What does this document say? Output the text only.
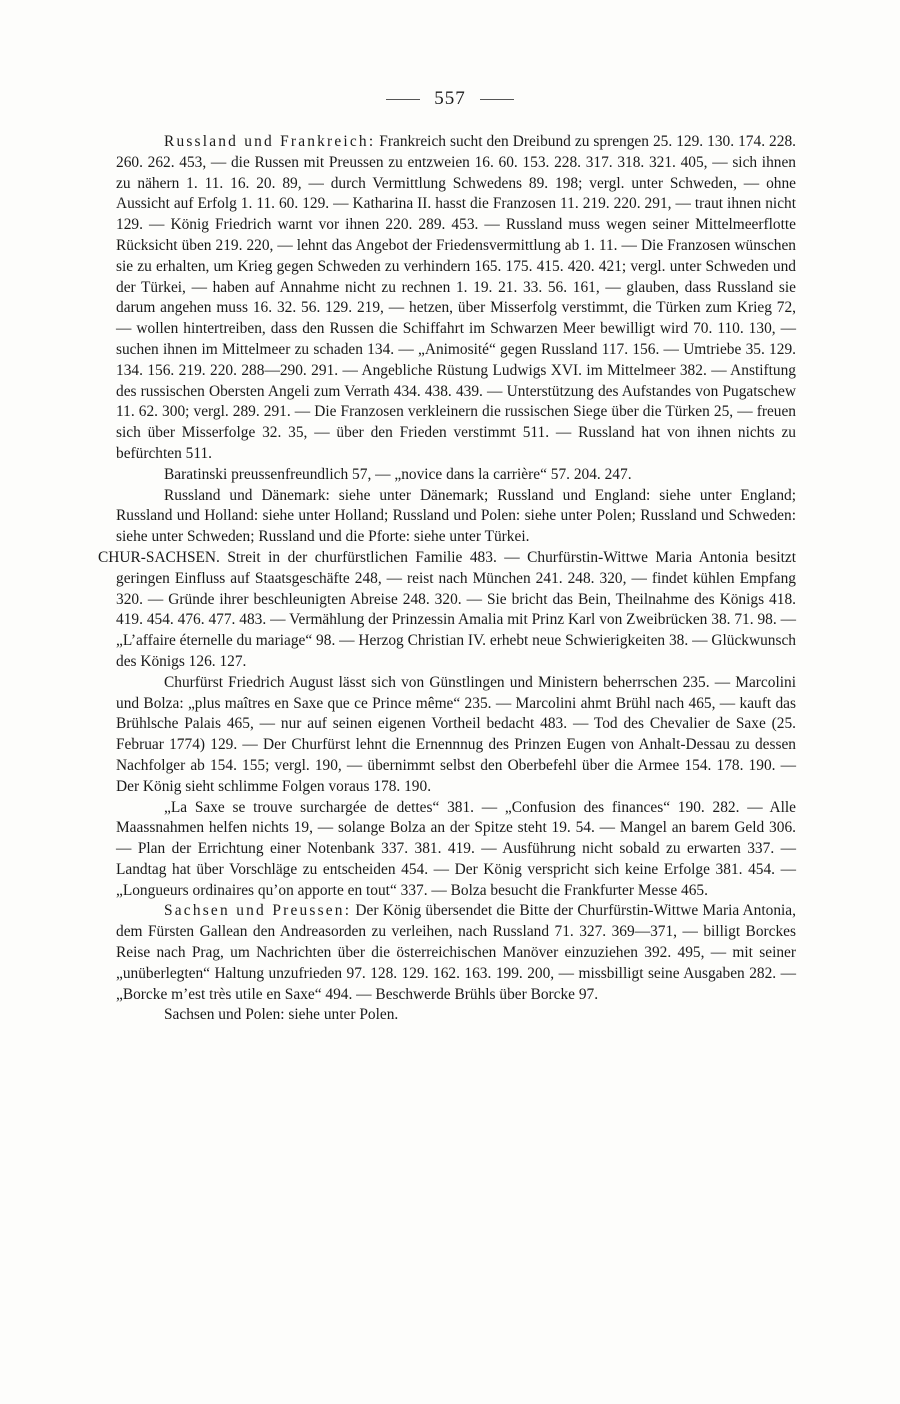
557

Russland und Frankreich: Frankreich sucht den Dreibund zu sprengen 25. 129. 130. 174. 228. 260. 262. 453, — die Russen mit Preussen zu entzweien 16. 60. 153. 228. 317. 318. 321. 405, — sich ihnen zu nähern 1. 11. 16. 20. 89, — durch Vermittlung Schwedens 89. 198; vergl. unter Schweden, — ohne Aussicht auf Erfolg 1. 11. 60. 129. — Katharina II. hasst die Franzosen 11. 219. 220. 291, — traut ihnen nicht 129. — König Friedrich warnt vor ihnen 220. 289. 453. — Russland muss wegen seiner Mittelmeerflotte Rücksicht üben 219. 220, — lehnt das Angebot der Friedensvermittlung ab 1. 11. — Die Franzosen wünschen sie zu erhalten, um Krieg gegen Schweden zu verhindern 165. 175. 415. 420. 421; vergl. unter Schweden und der Türkei, — haben auf Annahme nicht zu rechnen 1. 19. 21. 33. 56. 161, — glauben, dass Russland sie darum angehen muss 16. 32. 56. 129. 219, — hetzen, über Misserfolg verstimmt, die Türken zum Krieg 72, — wollen hintertreiben, dass den Russen die Schiffahrt im Schwarzen Meer bewilligt wird 70. 110. 130, — suchen ihnen im Mittelmeer zu schaden 134. — „Animosité“ gegen Russland 117. 156. — Umtriebe 35. 129. 134. 156. 219. 220. 288—290. 291. — Angebliche Rüstung Ludwigs XVI. im Mittelmeer 382. — Anstiftung des russischen Obersten Angeli zum Verrath 434. 438. 439. — Unterstützung des Aufstandes von Pugatschew 11. 62. 300; vergl. 289. 291. — Die Franzosen verkleinern die russischen Siege über die Türken 25, — freuen sich über Misserfolge 32. 35, — über den Frieden verstimmt 511. — Russland hat von ihnen nichts zu befürchten 511.

Baratinski preussenfreundlich 57, — „novice dans la carrière“ 57. 204. 247.

Russland und Dänemark: siehe unter Dänemark; Russland und England: siehe unter England; Russland und Holland: siehe unter Holland; Russland und Polen: siehe unter Polen; Russland und Schweden: siehe unter Schweden; Russland und die Pforte: siehe unter Türkei.

CHUR-SACHSEN. Streit in der churfürstlichen Familie 483. — Churfürstin-Wittwe Maria Antonia besitzt geringen Einfluss auf Staatsgeschäfte 248, — reist nach München 241. 248. 320, — findet kühlen Empfang 320. — Gründe ihrer beschleunigten Abreise 248. 320. — Sie bricht das Bein, Theilnahme des Königs 418. 419. 454. 476. 477. 483. — Vermählung der Prinzessin Amalia mit Prinz Karl von Zweibrücken 38. 71. 98. — „L’affaire éternelle du mariage“ 98. — Herzog Christian IV. erhebt neue Schwierigkeiten 38. — Glückwunsch des Königs 126. 127.

Churfürst Friedrich August lässt sich von Günstlingen und Ministern beherrschen 235. — Marcolini und Bolza: „plus maîtres en Saxe que ce Prince même“ 235. — Marcolini ahmt Brühl nach 465, — kauft das Brühlsche Palais 465, — nur auf seinen eigenen Vortheil bedacht 483. — Tod des Chevalier de Saxe (25. Februar 1774) 129. — Der Churfürst lehnt die Ernennnug des Prinzen Eugen von Anhalt-Dessau zu dessen Nachfolger ab 154. 155; vergl. 190, — übernimmt selbst den Oberbefehl über die Armee 154. 178. 190. — Der König sieht schlimme Folgen voraus 178. 190.

„La Saxe se trouve surchargée de dettes“ 381. — „Confusion des finances“ 190. 282. — Alle Maassnahmen helfen nichts 19, — solange Bolza an der Spitze steht 19. 54. — Mangel an barem Geld 306. — Plan der Errichtung einer Notenbank 337. 381. 419. — Ausführung nicht sobald zu erwarten 337. — Landtag hat über Vorschläge zu entscheiden 454. — Der König verspricht sich keine Erfolge 381. 454. — „Longueurs ordinaires qu’on apporte en tout“ 337. — Bolza besucht die Frankfurter Messe 465.

Sachsen und Preussen: Der König übersendet die Bitte der Churfürstin-Wittwe Maria Antonia, dem Fürsten Gallean den Andreasorden zu verleihen, nach Russland 71. 327. 369—371, — billigt Borckes Reise nach Prag, um Nachrichten über die österreichischen Manöver einzuziehen 392. 495, — mit seiner „unüberlegten“ Haltung unzufrieden 97. 128. 129. 162. 163. 199. 200, — missbilligt seine Ausgaben 282. — „Borcke m’est très utile en Saxe“ 494. — Beschwerde Brühls über Borcke 97.

Sachsen und Polen: siehe unter Polen.
